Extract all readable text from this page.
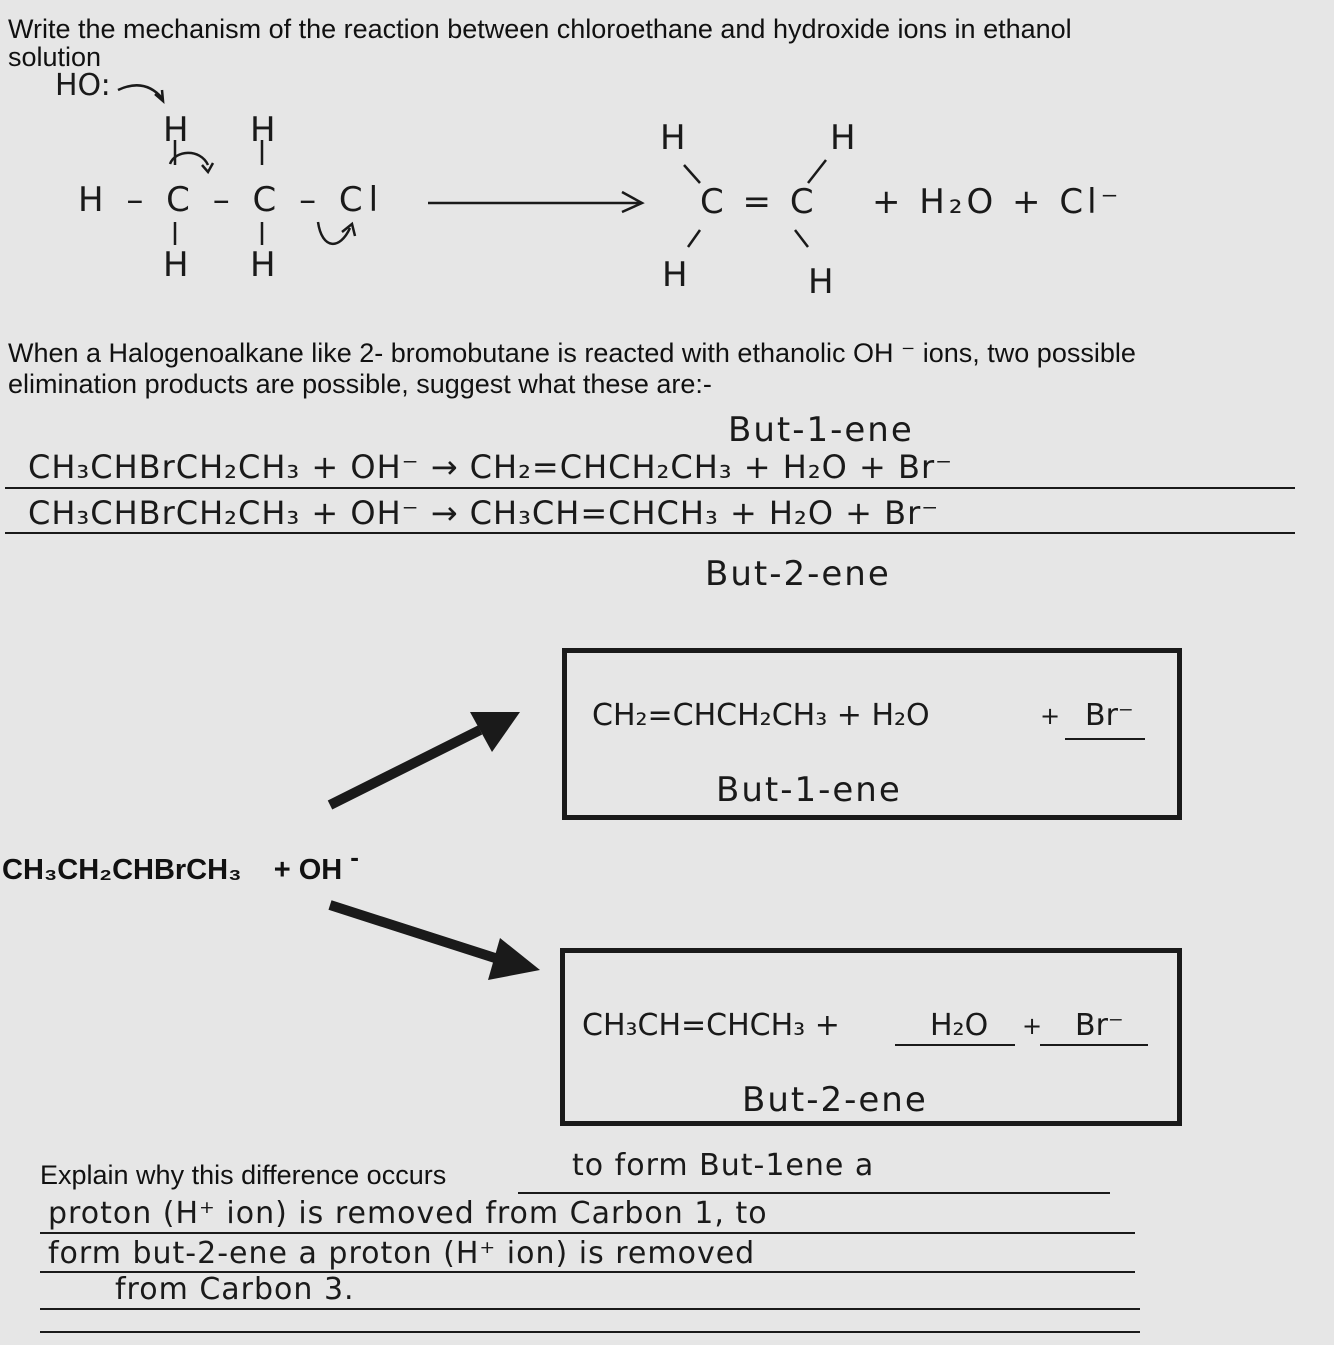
Write the mechanism of the reaction between chloroethane and hydroxide ions in ethanol
solution
HO:
H H
H – C – C – Cl
H H
H	H
C = C
H	H
+ H₂O + Cl⁻
When a Halogenoalkane like 2- bromobutane is reacted with ethanolic OH ⁻ ions, two possible
elimination products are possible, suggest what these are:-
But-1-ene
CH₃CHBrCH₂CH₃ + OH⁻ → CH₂=CHCH₂CH₃ + H₂O + Br⁻
CH₃CHBrCH₂CH₃ + OH⁻ → CH₃CH=CHCH₃ + H₂O + Br⁻
But-2-ene
CH₂=CHCH₂CH₃ + H₂O	+ Br⁻
But-1-ene
CH₃CH=CHCH₃ +	H₂O + Br⁻
But-2-ene
CH₃CH₂CHBrCH₃ + OH -
Explain why this difference occurs	to form But-1ene a
proton (H⁺ ion) is removed from Carbon 1, to
form but-2-ene a proton (H⁺ ion) is removed
from Carbon 3.
